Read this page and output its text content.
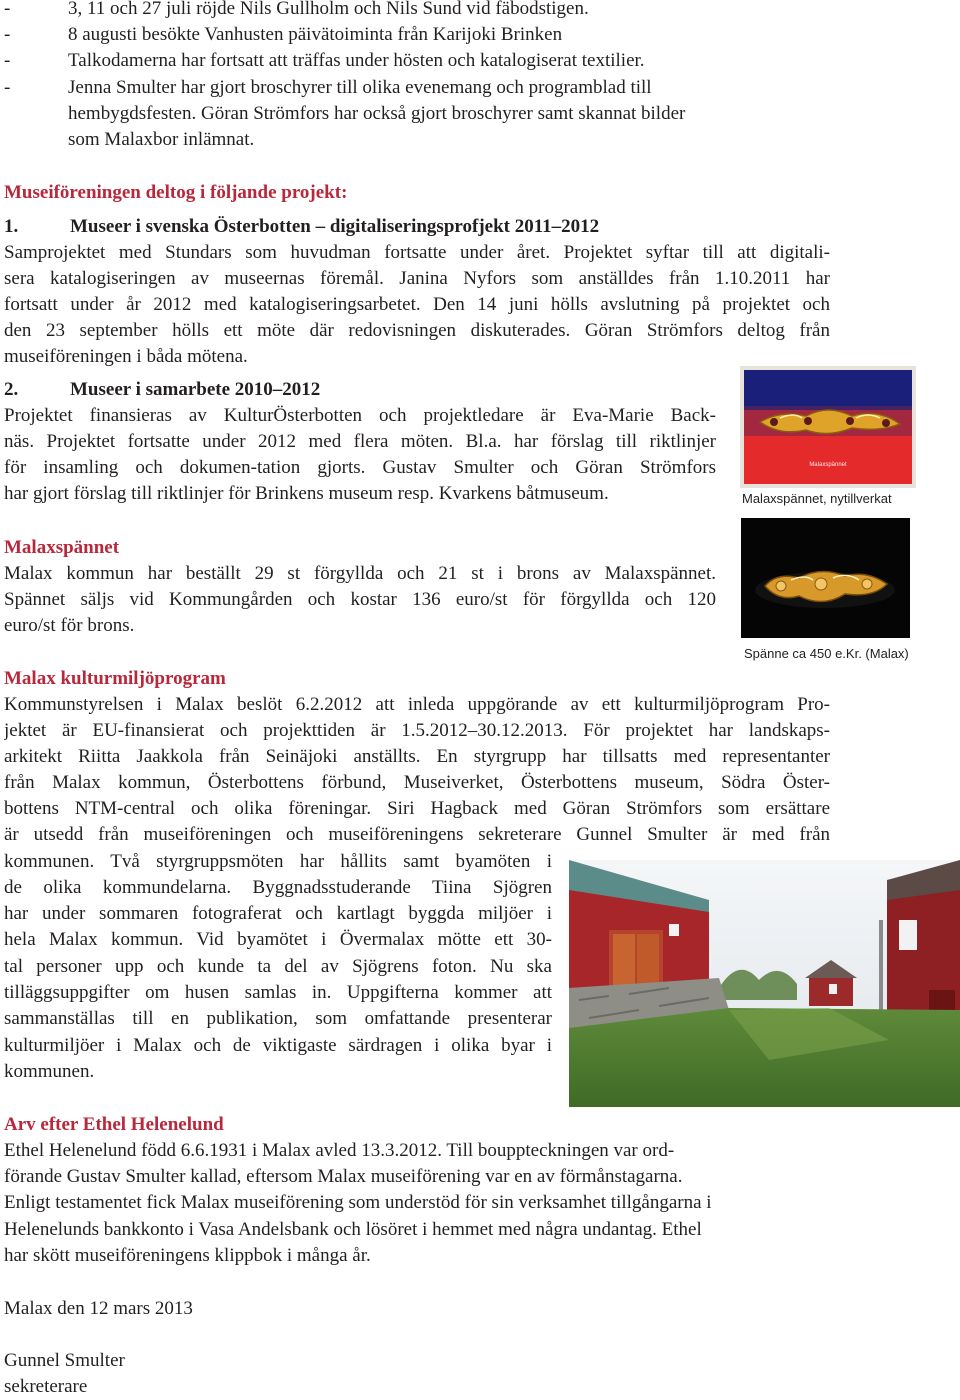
-	3, 11 och 27 juli röjde Nils Gullholm och Nils Sund vid fäbodstigen.

-	8 augusti besökte Vanhusten päivätoiminta från Karijoki Brinken

-	Talkodamerna har fortsatt att träffas under hösten och katalogiserat textilier.

-	Jenna Smulter har gjort broschyrer till olika evenemang och programblad till

hembygdsfesten. Göran Strömfors har också gjort broschyrer samt skannat bilder

som Malaxbor inlämnat.

Museiföreningen deltog i följande projekt:

1.	Museer i svenska Österbotten – digitaliseringsprofjekt 2011–2012

Samprojektet med Stundars som huvudman fortsatte under året. Projektet syftar till att digitali-

sera katalogiseringen av museernas föremål. Janina Nyfors som anställdes från 1.10.2011 har

fortsatt under år 2012 med katalogiseringsarbetet. Den 14 juni hölls avslutning på projektet och

den 23 september hölls ett möte där redovisningen diskuterades. Göran Strömfors deltog från

museiföreningen i båda mötena.

2.	Museer i samarbete 2010–2012

Projektet finansieras av KulturÖsterbotten och projektledare är Eva-Marie Back-

näs. Projektet fortsatte under 2012 med flera möten. Bl.a. har förslag till riktlinjer

för insamling och dokumen-tation gjorts. Gustav Smulter och Göran Strömfors

har gjort förslag till riktlinjer för Brinkens museum resp. Kvarkens båtmuseum.

Malaxspännet

Malax kommun har beställt 29 st förgyllda och 21 st i brons av Malaxspännet.

Spännet säljs vid Kommungården och kostar 136 euro/st för förgyllda och 120

euro/st för brons.

Malax kulturmiljöprogram

Kommunstyrelsen i Malax beslöt 6.2.2012 att inleda uppgörande av ett kulturmiljöprogram Pro-

jektet är EU-finansierat och projekttiden är 1.5.2012–30.12.2013. För projektet har landskaps-

arkitekt Riitta Jaakkola från Seinäjoki anställts. En styrgrupp har tillsatts med representanter

från Malax kommun, Österbottens förbund, Museiverket, Österbottens museum, Södra Öster-

bottens NTM-central och olika föreningar. Siri Hagback med Göran Strömfors som ersättare

är utsedd från museiföreningen och museiföreningens sekreterare Gunnel Smulter är med från

kommunen. Två styrgruppsmöten har hållits samt byamöten i

de olika kommundelarna. Byggnadsstuderande Tiina Sjögren

har under sommaren fotograferat och kartlagt byggda miljöer i

hela Malax kommun. Vid byamötet i Övermalax mötte ett 30-

tal personer upp och kunde ta del av Sjögrens foton. Nu ska

tilläggsuppgifter om husen samlas in. Uppgifterna kommer att

sammanställas till en publikation, som omfattande presenterar

kulturmiljöer i Malax och de viktigaste särdragen i olika byar i

kommunen.

Arv efter Ethel Helenelund

Ethel Helenelund född 6.6.1931 i Malax avled 13.3.2012. Till bouppteckningen var ord-

förande Gustav Smulter kallad, eftersom Malax museiförening var en av förmånstagarna.

Enligt testamentet fick Malax museiförening som understöd för sin verksamhet tillgångarna i

Helenelunds bankkonto i Vasa Andelsbank och lösöret i hemmet med några undantag. Ethel

har skött museiföreningens klippbok i många år.

Malax den 12 mars 2013

Gunnel Smulter

sekreterare

Malaxspännet
Malaxspännet, nytillverkat
Spänne ca 450 e.Kr. (Malax)
